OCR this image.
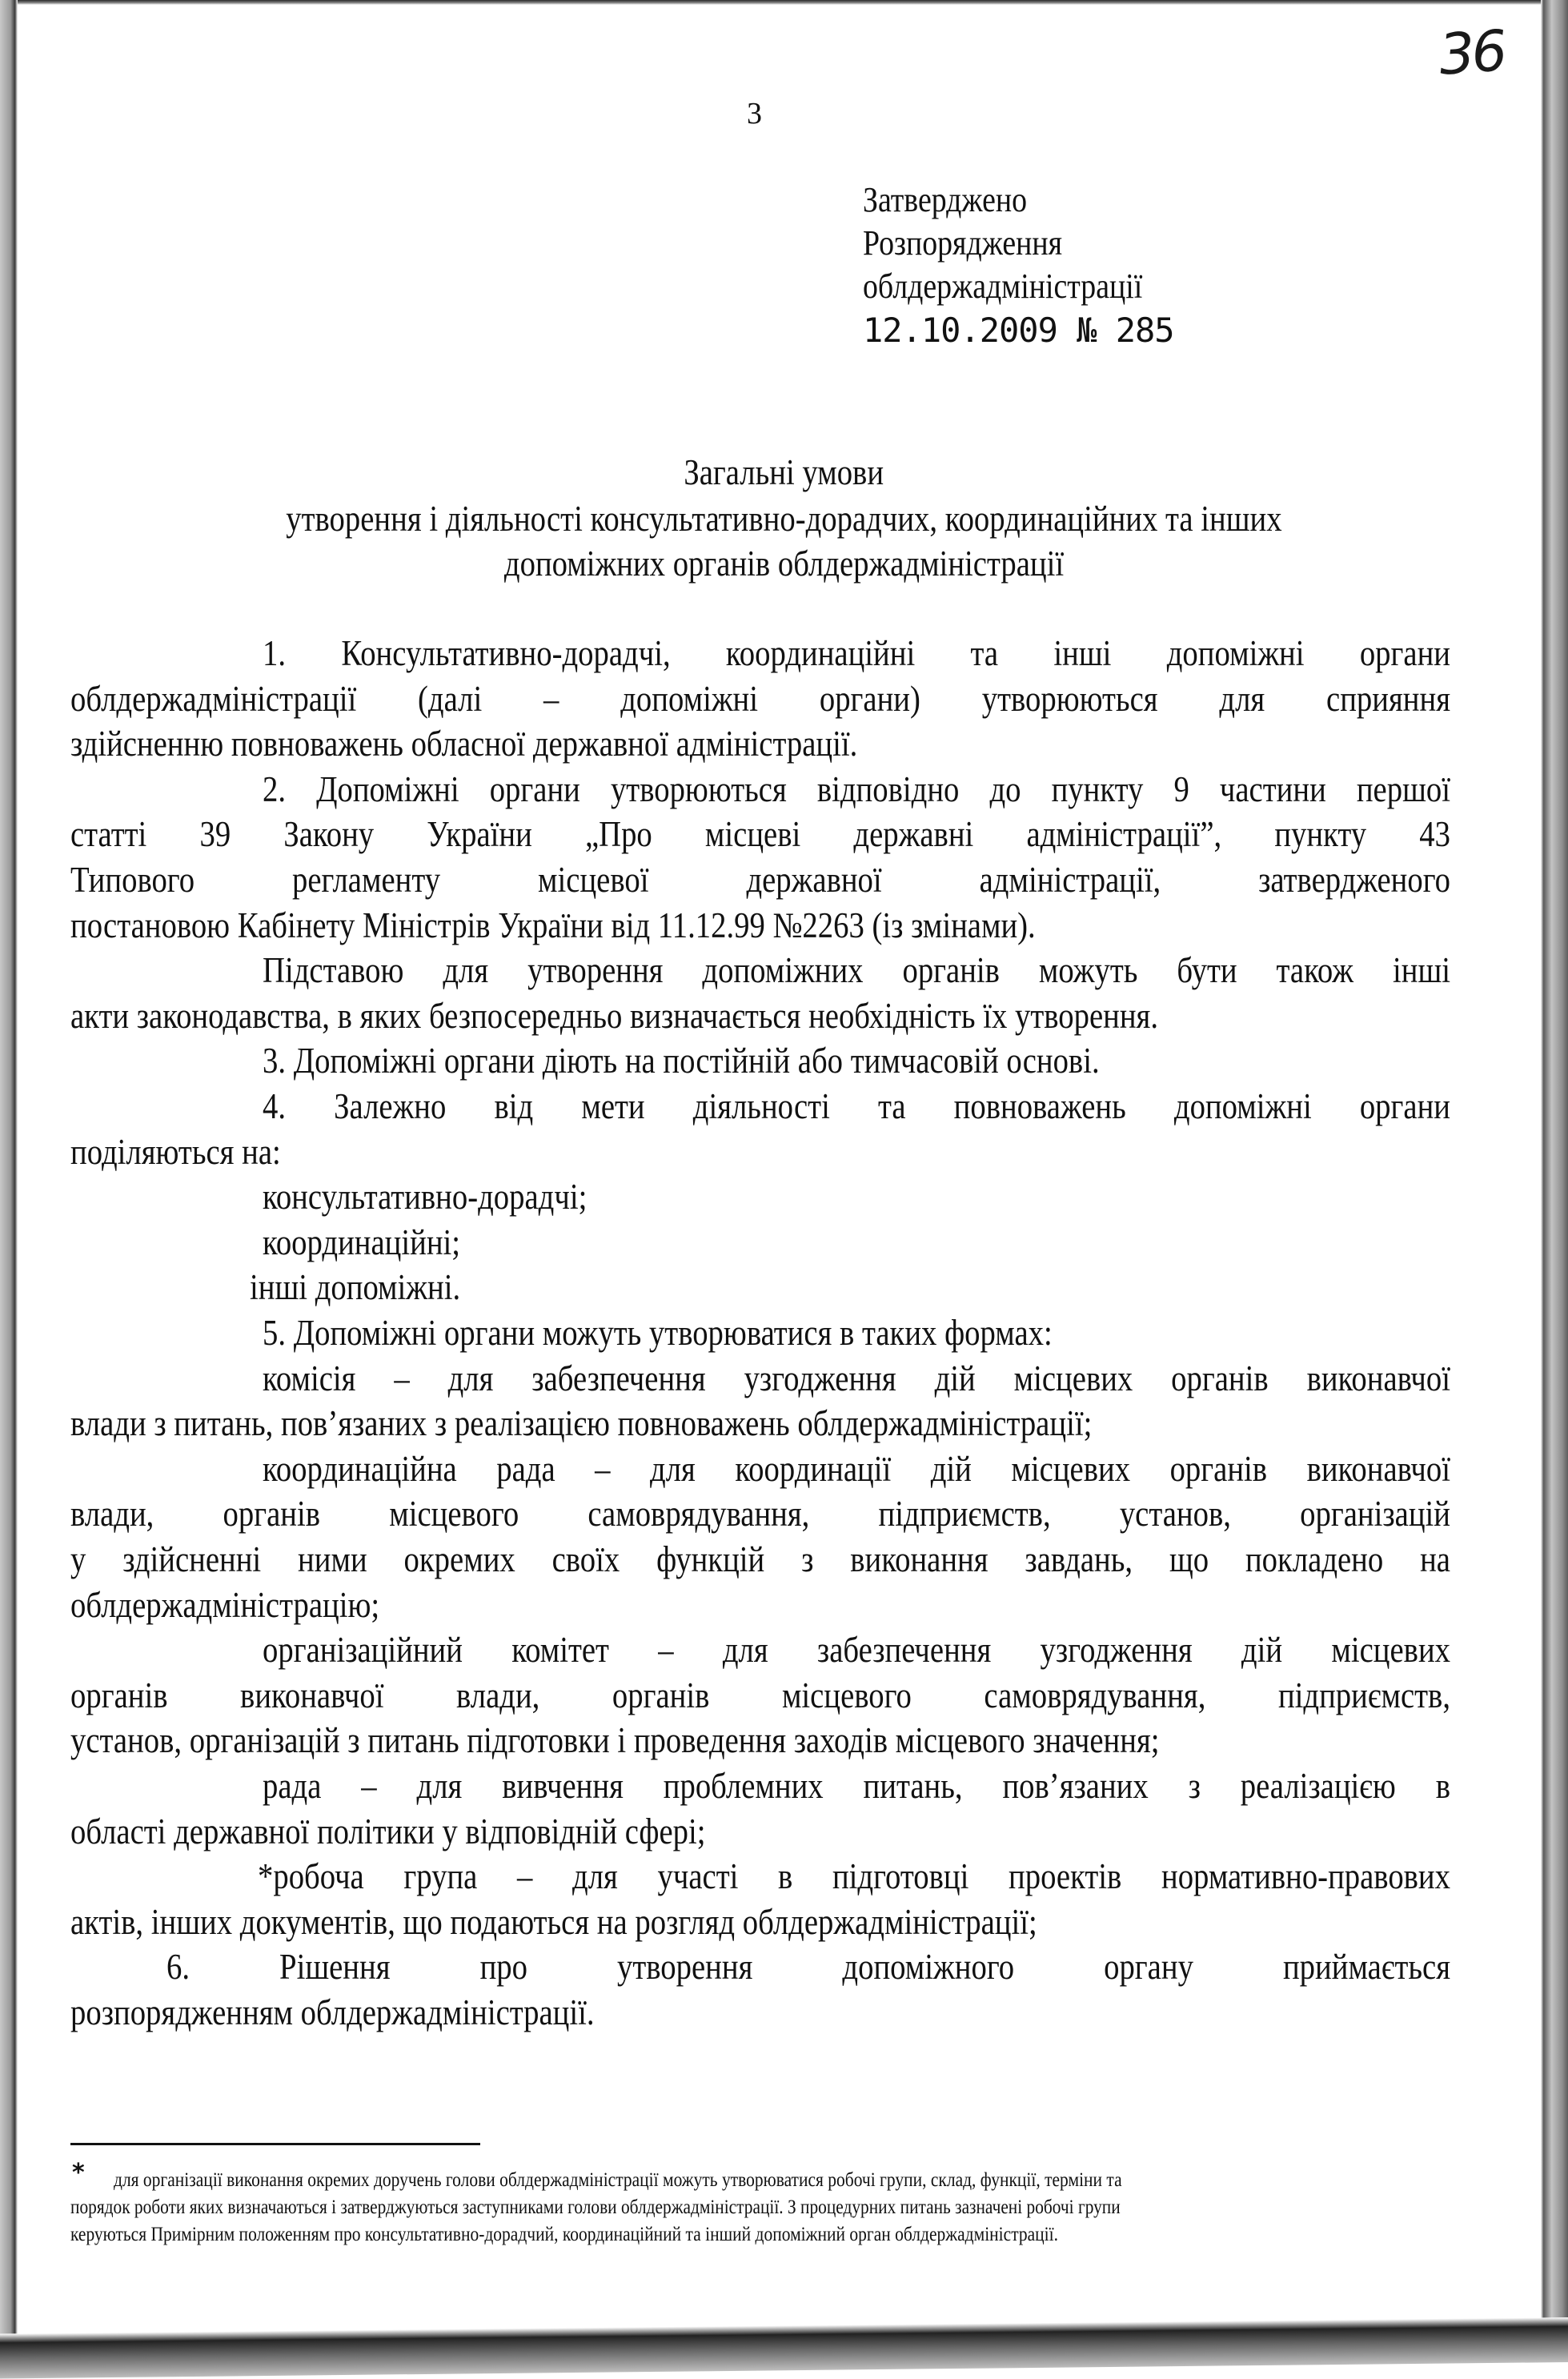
3
36
Затверджено
Розпорядження
облдержадміністрації
12.10.2009 № 285
Загальні умови
утворення і діяльності консультативно-дорадчих, координаційних та інших
допоміжних органів облдержадміністрації
1. Консультативно-дорадчі, координаційні та інші допоміжні органи
облдержадміністрації (далі – допоміжні органи) утворюються для сприяння
здійсненню повноважень обласної державної адміністрації.
2. Допоміжні органи утворюються відповідно до пункту 9 частини першої
статті 39 Закону України „Про місцеві державні адміністрації”, пункту 43
Типового регламенту місцевої державної адміністрації, затвердженого
постановою Кабінету Міністрів України від 11.12.99 №2263 (із змінами).
Підставою для утворення допоміжних органів можуть бути також інші
акти законодавства, в яких безпосередньо визначається необхідність їх утворення.
3. Допоміжні органи діють на постійній або тимчасовій основі.
4. Залежно від мети діяльності та повноважень допоміжні органи
поділяються на:
консультативно-дорадчі;
координаційні;
інші допоміжні.
5. Допоміжні органи можуть утворюватися в таких формах:
комісія – для забезпечення узгодження дій місцевих органів виконавчої
влади з питань, пов’язаних з реалізацією повноважень облдержадміністрації;
координаційна рада – для координації дій місцевих органів виконавчої
влади, органів місцевого самоврядування, підприємств, установ, організацій
у здійсненні ними окремих своїх функцій з виконання завдань, що покладено на
облдержадміністрацію;
організаційний комітет – для забезпечення узгодження дій місцевих
органів виконавчої влади, органів місцевого самоврядування, підприємств,
установ, організацій з питань підготовки і проведення заходів місцевого значення;
рада – для вивчення проблемних питань, пов’язаних з реалізацією в
області державної політики у відповідній сфері;
*робоча група – для участі в підготовці проектів нормативно-правових
актів, інших документів, що подаються на розгляд облдержадміністрації;
6. Рішення про утворення допоміжного органу приймається
розпорядженням облдержадміністрації.
* для організації виконання окремих доручень голови облдержадміністрації можуть утворюватися робочі групи, склад, функції, терміни та
порядок роботи яких визначаються і затверджуються заступниками голови облдержадміністрації. З процедурних питань зазначені робочі групи
керуються Примірним положенням про консультативно-дорадчий, координаційний та інший допоміжний орган облдержадміністрації.
